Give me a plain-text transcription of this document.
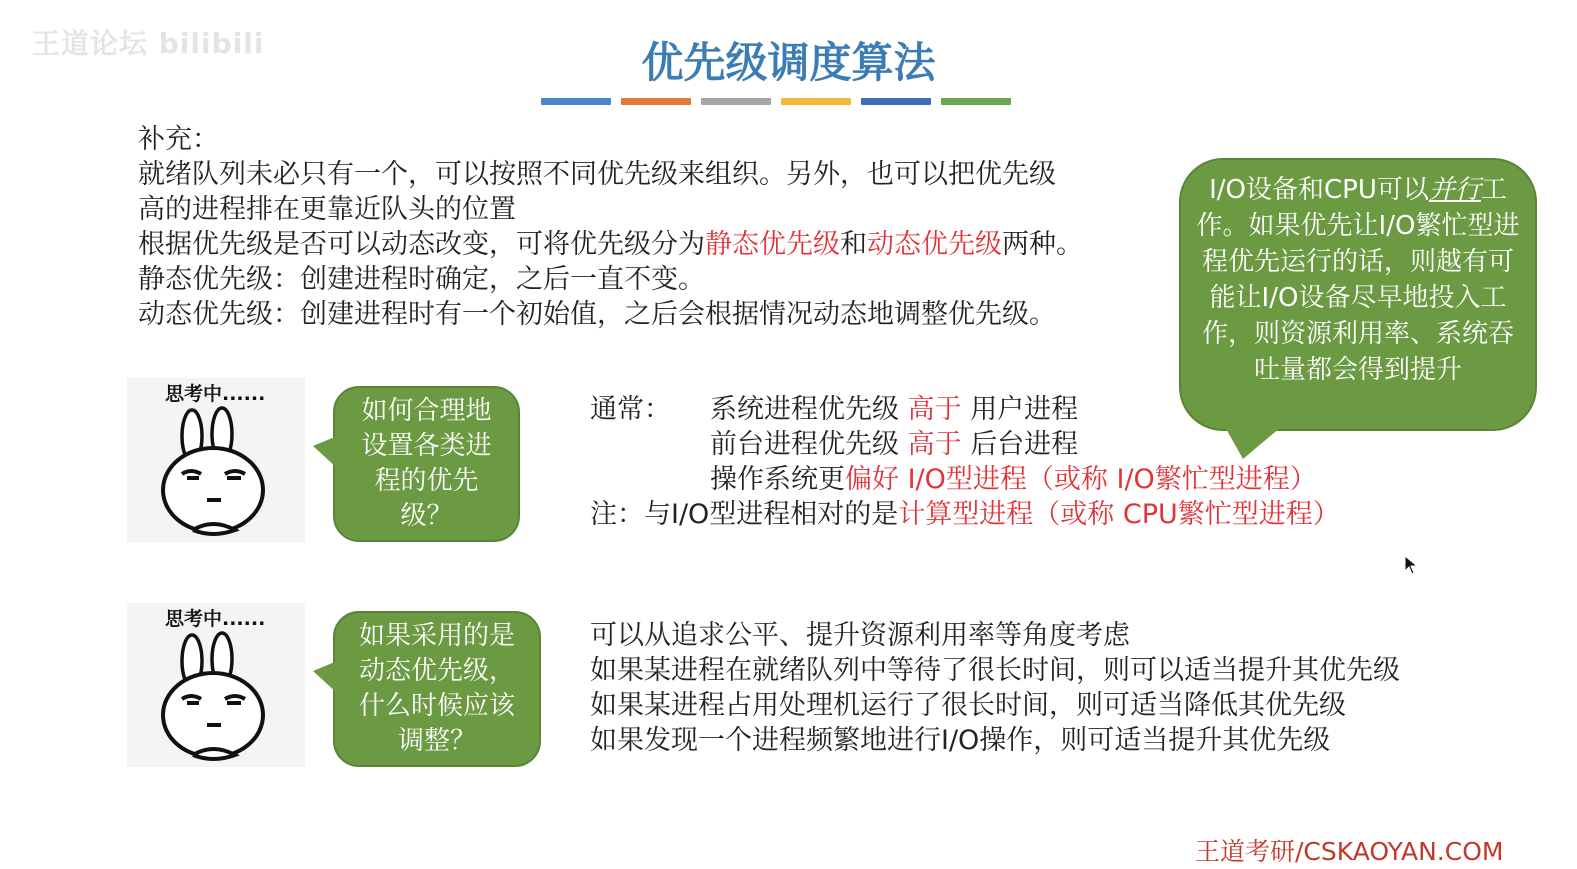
王道论坛 bilibili	优先级调度算法
补充：
就绪队列未必只有一个，可以按照不同优先级来组织。另外，也可以把优先级
高的进程排在更靠近队头的位置
根据优先级是否可以动态改变，可将优先级分为静态优先级和动态优先级两种。
静态优先级：创建进程时确定，之后一直不变。
动态优先级：创建进程时有一个初始值，之后会根据情况动态地调整优先级。
I/O设备和CPU可以并行工作。如果优先让I/O繁忙型进程优先运行的话，则越有可能让I/O设备尽早地投入工作，则资源利用率、系统吞吐量都会得到提升
思考中......
如何合理地设置各类进程的优先级？
通常： 系统进程优先级 高于 用户进程
前台进程优先级 高于 后台进程
操作系统更偏好 I/O型进程（或称 I/O繁忙型进程）
注：与I/O型进程相对的是计算型进程（或称 CPU繁忙型进程）
思考中......
如果采用的是动态优先级，什么时候应该调整？
可以从追求公平、提升资源利用率等角度考虑
如果某进程在就绪队列中等待了很长时间，则可以适当提升其优先级
如果某进程占用处理机运行了很长时间，则可适当降低其优先级
如果发现一个进程频繁地进行I/O操作，则可适当提升其优先级
王道考研/CSKAOYAN.COM
